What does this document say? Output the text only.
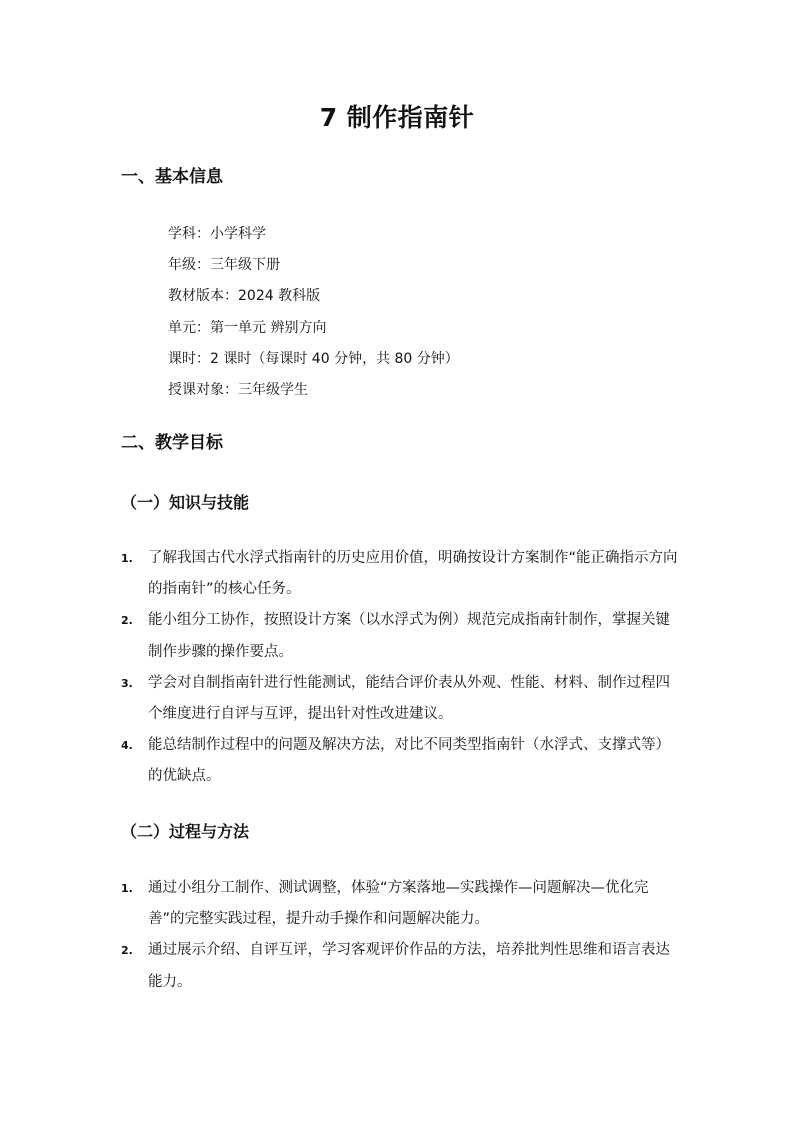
7 制作指南针
一、基本信息
学科：小学科学
年级：三年级下册
教材版本：2024 教科版
单元：第一单元 辨别方向
课时：2 课时（每课时 40 分钟，共 80 分钟）
授课对象：三年级学生
二、教学目标
（一）知识与技能
1. 了解我国古代水浮式指南针的历史应用价值，明确按设计方案制作“能正确指示方向的指南针”的核心任务。
2. 能小组分工协作，按照设计方案（以水浮式为例）规范完成指南针制作，掌握关键制作步骤的操作要点。
3. 学会对自制指南针进行性能测试，能结合评价表从外观、性能、材料、制作过程四个维度进行自评与互评，提出针对性改进建议。
4. 能总结制作过程中的问题及解决方法，对比不同类型指南针（水浮式、支撑式等）的优缺点。
（二）过程与方法
1. 通过小组分工制作、测试调整，体验“方案落地—实践操作—问题解决—优化完善”的完整实践过程，提升动手操作和问题解决能力。
2. 通过展示介绍、自评互评，学习客观评价作品的方法，培养批判性思维和语言表达能力。
